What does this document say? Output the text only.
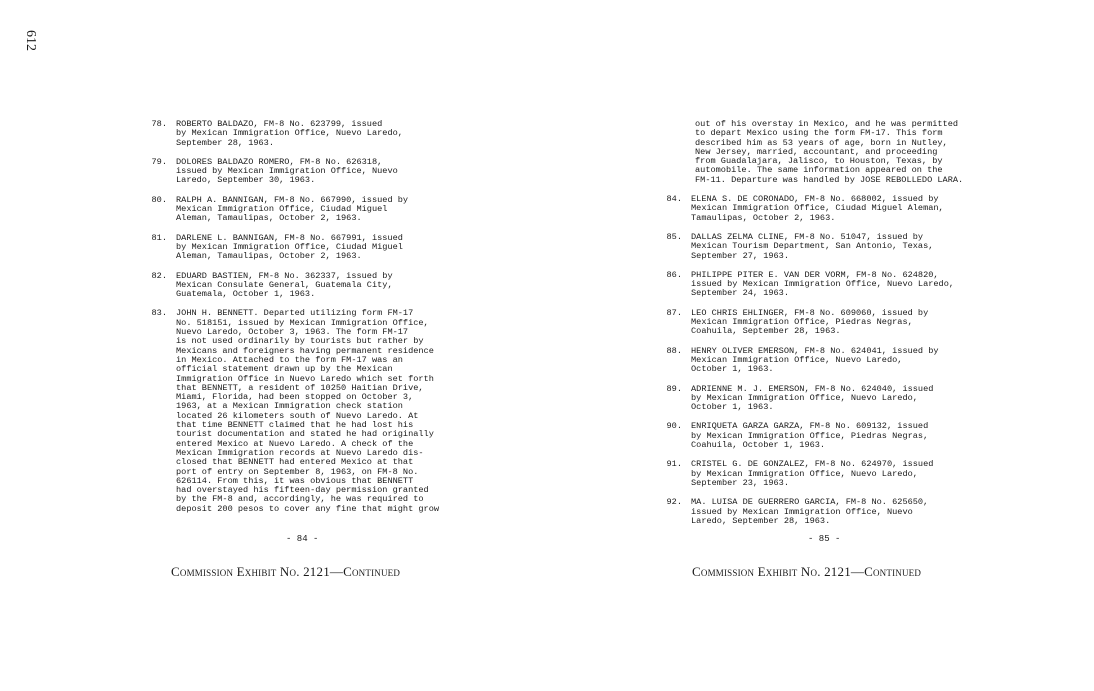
612
78. ROBERTO BALDAZO, FM-8 No. 623799, issued
by Mexican Immigration Office, Nuevo Laredo,
September 28, 1963.
79. DOLORES BALDAZO ROMERO, FM-8 No. 626318,
issued by Mexican Immigration Office, Nuevo
Laredo, September 30, 1963.
80. RALPH A. BANNIGAN, FM-8 No. 667990, issued by
Mexican Immigration Office, Ciudad Miguel
Aleman, Tamaulipas, October 2, 1963.
81. DARLENE L. BANNIGAN, FM-8 No. 667991, issued
by Mexican Immigration Office, Ciudad Miguel
Aleman, Tamaulipas, October 2, 1963.
82. EDUARD BASTIEN, FM-8 No. 362337, issued by
Mexican Consulate General, Guatemala City,
Guatemala, October 1, 1963.
83. JOHN H. BENNETT. Departed utilizing form FM-17
No. 518151, issued by Mexican Immigration Office,
Nuevo Laredo, October 3, 1963. The form FM-17
is not used ordinarily by tourists but rather by
Mexicans and foreigners having permanent residence
in Mexico. Attached to the form FM-17 was an
official statement drawn up by the Mexican
Immigration Office in Nuevo Laredo which set forth
that BENNETT, a resident of 10250 Haitian Drive,
Miami, Florida, had been stopped on October 3,
1963, at a Mexican Immigration check station
located 26 kilometers south of Nuevo Laredo. At
that time BENNETT claimed that he had lost his
tourist documentation and stated he had originally
entered Mexico at Nuevo Laredo. A check of the
Mexican Immigration records at Nuevo Laredo dis-
closed that BENNETT had entered Mexico at that
port of entry on September 8, 1963, on FM-8 No.
626114. From this, it was obvious that BENNETT
had overstayed his fifteen-day permission granted
by the FM-8 and, accordingly, he was required to
deposit 200 pesos to cover any fine that might grow
out of his overstay in Mexico, and he was permitted
to depart Mexico using the form FM-17. This form
described him as 53 years of age, born in Nutley,
New Jersey, married, accountant, and proceeding
from Guadalajara, Jalisco, to Houston, Texas, by
automobile. The same information appeared on the
FM-11. Departure was handled by JOSE REBOLLEDO LARA.
84. ELENA S. DE CORONADO, FM-8 No. 668002, issued by
Mexican Immigration Office, Ciudad Miguel Aleman,
Tamaulipas, October 2, 1963.
85. DALLAS ZELMA CLINE, FM-8 No. 51047, issued by
Mexican Tourism Department, San Antonio, Texas,
September 27, 1963.
86. PHILIPPE PITER E. VAN DER VORM, FM-8 No. 624820,
issued by Mexican Immigration Office, Nuevo Laredo,
September 24, 1963.
87. LEO CHRIS EHLINGER, FM-8 No. 609060, issued by
Mexican Immigration Office, Piedras Negras,
Coahuila, September 28, 1963.
88. HENRY OLIVER EMERSON, FM-8 No. 624041, issued by
Mexican Immigration Office, Nuevo Laredo,
October 1, 1963.
89. ADRIENNE M. J. EMERSON, FM-8 No. 624040, issued
by Mexican Immigration Office, Nuevo Laredo,
October 1, 1963.
90. ENRIQUETA GARZA GARZA, FM-8 No. 609132, issued
by Mexican Immigration Office, Piedras Negras,
Coahuila, October 1, 1963.
91. CRISTEL G. DE GONZALEZ, FM-8 No. 624970, issued
by Mexican Immigration Office, Nuevo Laredo,
September 23, 1963.
92. MA. LUISA DE GUERRERO GARCIA, FM-8 No. 625650,
issued by Mexican Immigration Office, Nuevo
Laredo, September 28, 1963.
- 84 -	- 85 -
Commission Exhibit No. 2121—Continued	Commission Exhibit No. 2121—Continued
